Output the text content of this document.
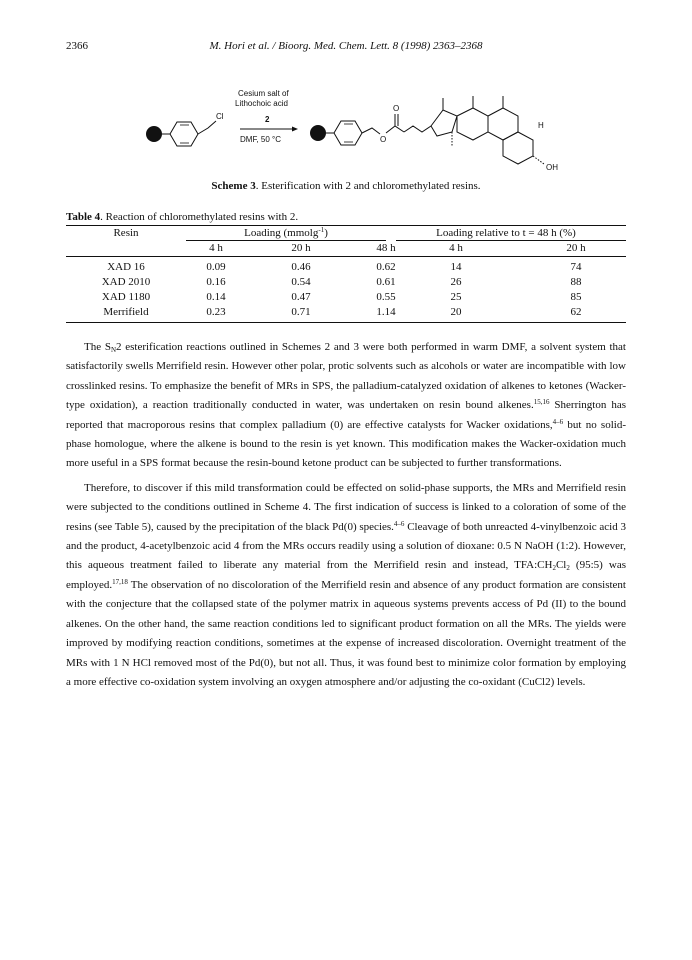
2366	M. Hori et al. / Bioorg. Med. Chem. Lett. 8 (1998) 2363–2368
Cl
Cesium salt of
Lithochoic acid
2
DMF, 50 °C	O
O
H
OH
Scheme 3. Esterification with 2 and chloromethylated resins.
Table 4. Reaction of chloromethylated resins with 2.
Resin	Loading (mmolg$^{-1}$)	Loading relative to t = 48 h (%)
4 h	20 h	48 h	4 h	20 h
XAD 16	0.09	0.46	0.62	14	74
XAD 2010	0.16	0.54	0.61	26	88
XAD 1180	0.14	0.47	0.55	25	85
Merrifield	0.23	0.71	1.14	20	62

The $S_N2$ esterification reactions outlined in Schemes 2 and 3 were both performed in warm DMF, a solvent system that satisfactorily swells Merrifield resin. However other polar, protic solvents such as alcohols or water are incompatible with low crosslinked resins. To emphasize the benefit of MRs in SPS, the palladium-catalyzed oxidation of alkenes to ketones (Wacker-type oxidation), a reaction traditionally conducted in water, was undertaken on resin bound alkenes.$^{15,16}$ Sherrington has reported that macroporous resins that complex palladium (0) are effective catalysts for Wacker oxidations,$^{4-6}$ but no solid-phase homologue, where the alkene is bound to the resin is yet known. This modification makes the Wacker-oxidation much more useful in a SPS format because the resin-bound ketone product can be subjected to further transformations.

Therefore, to discover if this mild transformation could be effected on solid-phase supports, the MRs and Merrifield resin were subjected to the conditions outlined in Scheme 4. The first indication of success is linked to a coloration of some of the resins (see Table 5), caused by the precipitation of the black Pd(0) species.$^{4-6}$ Cleavage of both unreacted 4-vinylbenzoic acid 3 and the product, 4-acetylbenzoic acid 4 from the MRs occurs readily using a solution of dioxane: 0.5 N NaOH (1:2). However, this aqueous treatment failed to liberate any material from the Merrifield resin and instead, $TFA:CH_2Cl_2$ (95:5) was employed.$^{17,18}$ The observation of no discoloration of the Merrifield resin and absence of any product formation are consistent with the conjecture that the collapsed state of the polymer matrix in aqueous systems prevents access of Pd (II) to the bound alkenes. On the other hand, the same reaction conditions led to significant product formation on all the MRs. The yields were improved by modifying reaction conditions, sometimes at the expense of increased discoloration. Overnight treatment of the MRs with 1 N HCl removed most of the Pd(0), but not all. Thus, it was found best to minimize color formation by employing a more effective co-oxidation system involving an oxygen atmosphere and/or adjusting the co-oxidant (CuCl2) levels.
